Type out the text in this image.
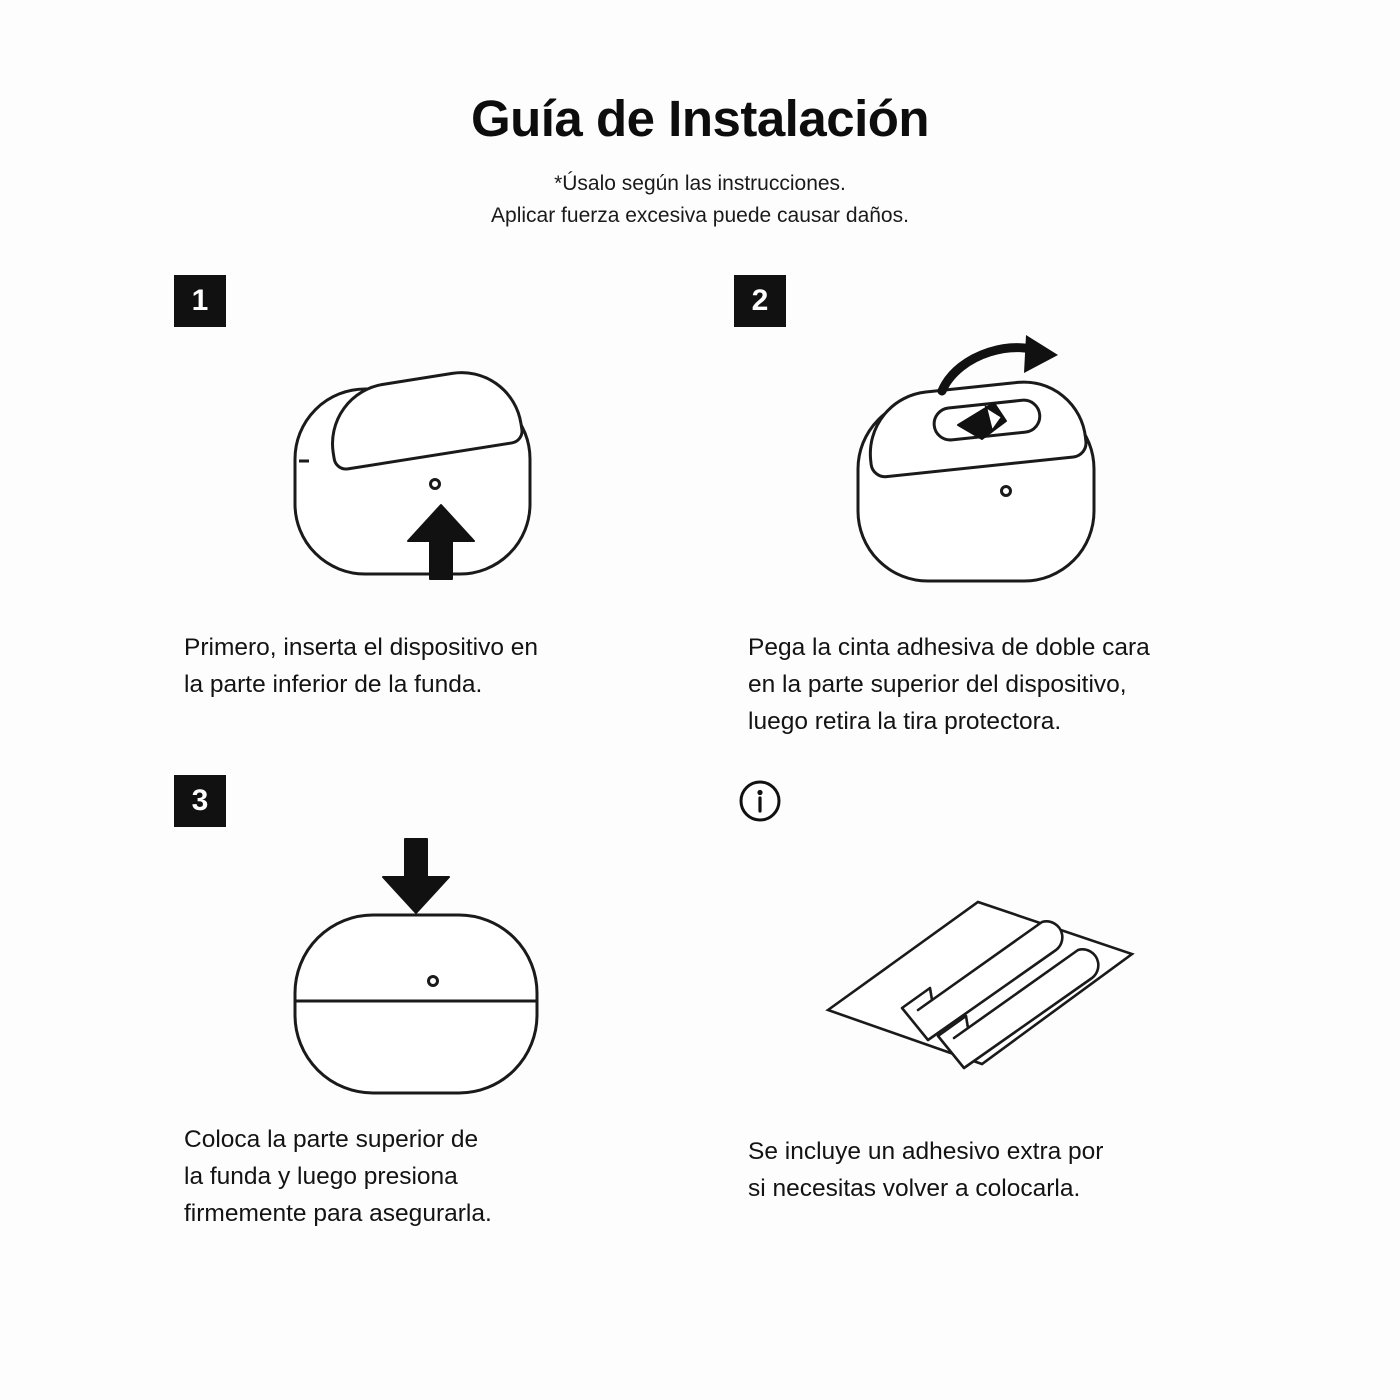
Guía de Instalación

*Úsalo según las instrucciones.
Aplicar fuerza excesiva puede causar daños.

1
Primero, inserta el dispositivo en
la parte inferior de la funda.
2
Pega la cinta adhesiva de doble cara
en la parte superior del dispositivo,
luego retira la tira protectora.
3
Coloca la parte superior de
la funda y luego presiona
firmemente para asegurarla.
Se incluye un adhesivo extra por
si necesitas volver a colocarla.
